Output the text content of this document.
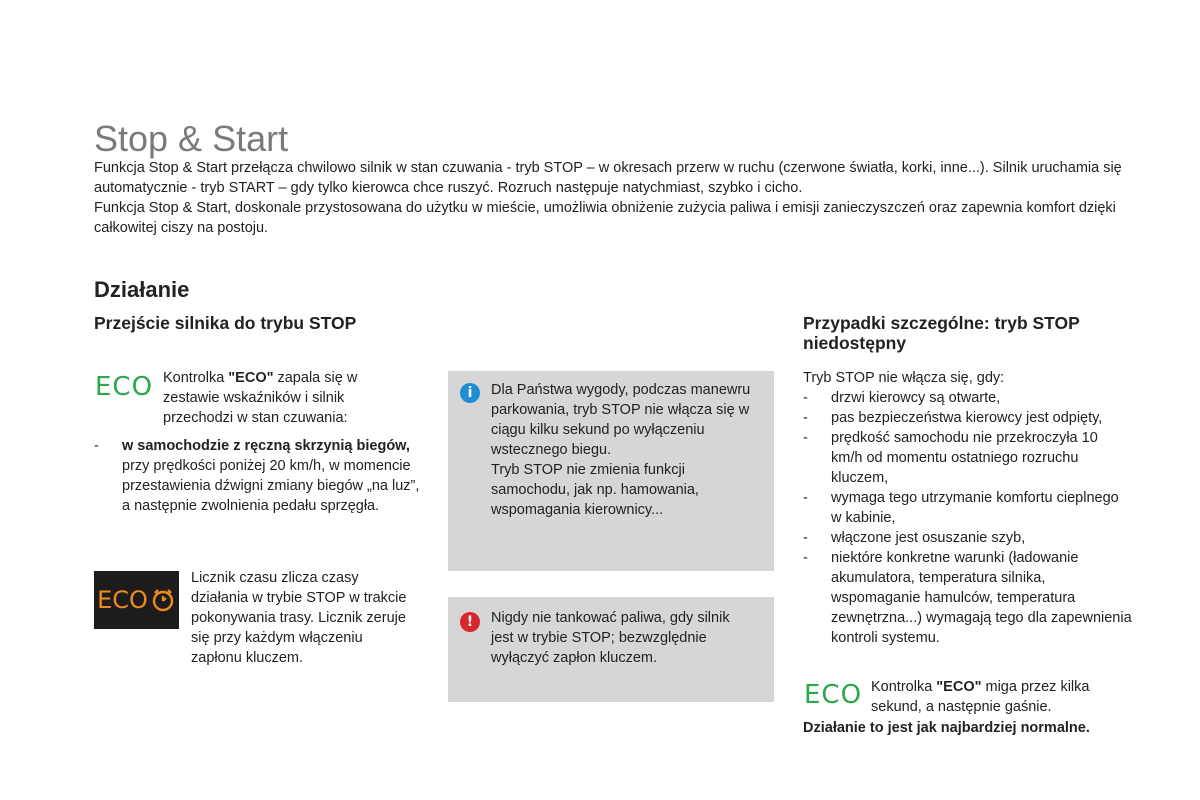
Stop & Start

Funkcja Stop & Start przełącza chwilowo silnik w stan czuwania - tryb STOP – w okresach przerw w ruchu (czerwone światła, korki, inne...). Silnik uruchamia się automatycznie - tryb START – gdy tylko kierowca chce ruszyć. Rozruch następuje natychmiast, szybko i cicho.

Funkcja Stop & Start, doskonale przystosowana do użytku w mieście, umożliwia obniżenie zużycia paliwa i emisji zanieczyszczeń oraz zapewnia komfort dzięki całkowitej ciszy na postoju.

Działanie
Przejście silnika do trybu STOP
ECO Kontrolka "ECO" zapala się w zestawie wskaźników i silnik przechodzi w stan czuwania:
- w samochodzie z ręczną skrzynią biegów, przy prędkości poniżej 20 km/h, w momencie przestawienia dźwigni zmiany biegów „na luz”, a następnie zwolnienia pedału sprzęgła.
ECO
Licznik czasu zlicza czasy działania w trybie STOP w trakcie pokonywania trasy. Licznik zeruje się przy każdym włączeniu zapłonu kluczem.
i	Dla Państwa wygody, podczas manewru parkowania, tryb STOP nie włącza się w ciągu kilku sekund po wyłączeniu wstecznego biegu.
Tryb STOP nie zmienia funkcji samochodu, jak np. hamowania, wspomagania kierownicy...
!	Nigdy nie tankować paliwa, gdy silnik jest w trybie STOP; bezwzględnie wyłączyć zapłon kluczem.
Przypadki szczególne: tryb STOP niedostępny
Tryb STOP nie włącza się, gdy:
- drzwi kierowcy są otwarte,
- pas bezpieczeństwa kierowcy jest odpięty,
- prędkość samochodu nie przekroczyła 10 km/h od momentu ostatniego rozruchu kluczem,
- wymaga tego utrzymanie komfortu cieplnego w kabinie,
- włączone jest osuszanie szyb,
- niektóre konkretne warunki (ładowanie akumulatora, temperatura silnika, wspomaganie hamulców, temperatura zewnętrzna...) wymagają tego dla zapewnienia kontroli systemu.
ECO Kontrolka "ECO" miga przez kilka sekund, a następnie gaśnie.
Działanie to jest jak najbardziej normalne.
